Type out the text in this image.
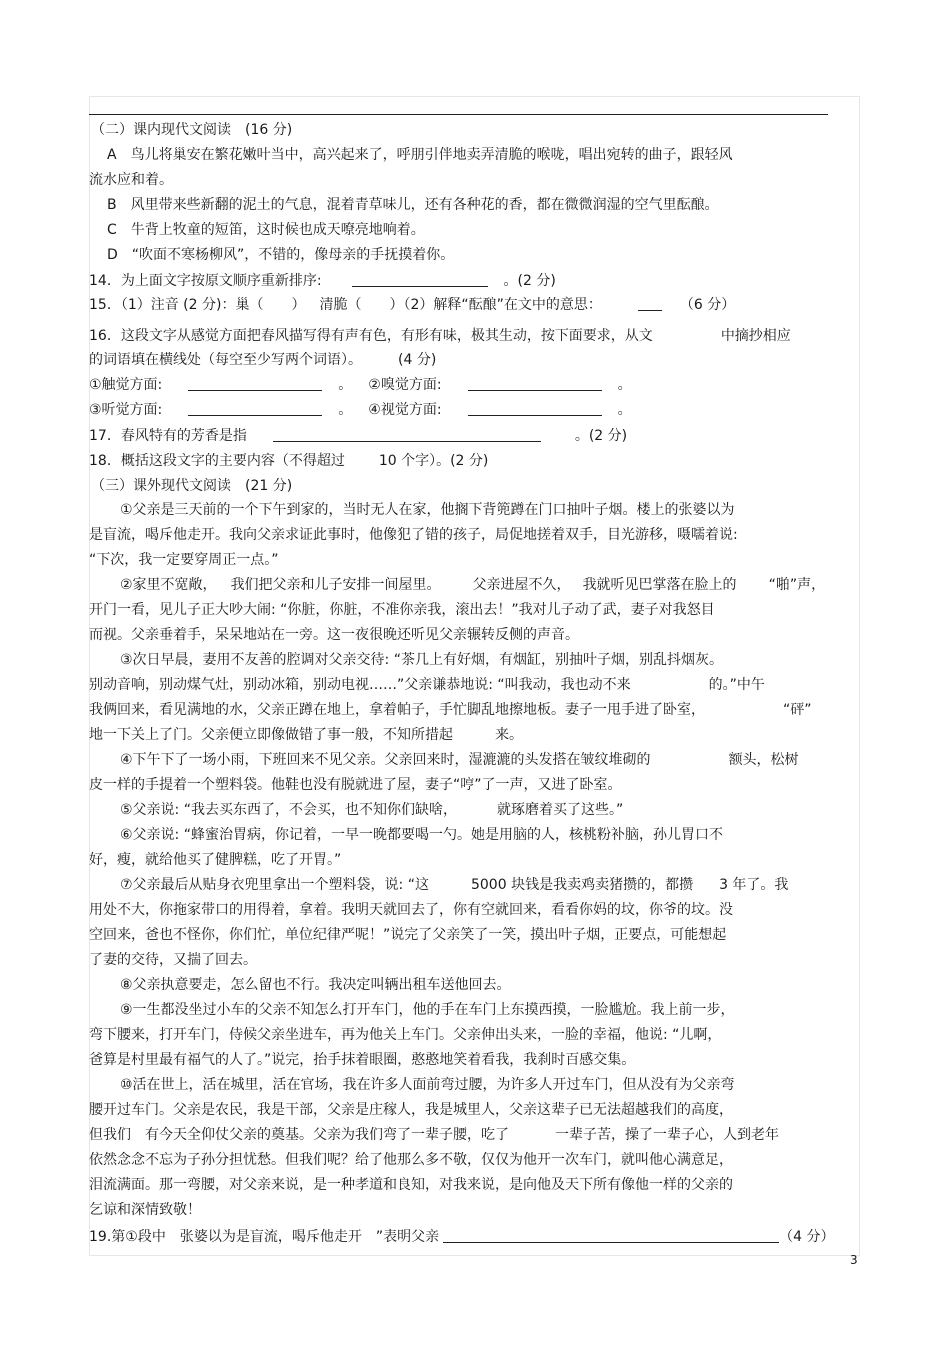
（二）课内现代文阅读　(16 分)
A　鸟儿将巢安在繁花嫩叶当中，高兴起来了，呼朋引伴地卖弄清脆的喉咙，唱出宛转的曲子，跟轻风
流水应和着。
B　风里带来些新翻的泥土的气息，混着青草味儿，还有各种花的香，都在微微润湿的空气里酝酿。
C　牛背上牧童的短笛，这时候也成天嘹亮地响着。
D　“吹面不寒杨柳风”，不错的，像母亲的手抚摸着你。
14．为上面文字按原文顺序重新排序:	。(2 分)
15．（1）注音 (2 分)：巢（　　） 清脆（　　）（2）解释“酝酿”在文中的意思：	（6 分）
16．这段文字从感觉方面把春风描写得有声有色，有形有味，极其生动，按下面要求，从文	中摘抄相应
的词语填在横线处（每空至少写两个词语）。	(4 分)
①触觉方面:	。 ②嗅觉方面:	。
③听觉方面:	。 ④视觉方面:	。
17．春风特有的芳香是指	。(2 分)
18．概括这段文字的主要内容（不得超过 10 个字）。(2 分)
（三）课外现代文阅读　(21 分)
①父亲是三天前的一个下午到家的，当时无人在家，他搁下背篼蹲在门口抽叶子烟。楼上的张婆以为
是盲流，喝斥他走开。我向父亲求证此事时，他像犯了错的孩子，局促地搓着双手，目光游移，嗫嚅着说:
“下次，我一定要穿周正一点。”
②家里不宽敞， 我们把父亲和儿子安排一间屋里。 父亲进屋不久， 我就听见巴掌落在脸上的 “啪”声，
开门一看，见儿子正大吵大闹: “你脏，你脏，不准你亲我，滚出去！”我对儿子动了武，妻子对我怒目
而视。父亲垂着手，呆呆地站在一旁。这一夜很晚还听见父亲辗转反侧的声音。
③次日早晨，妻用不友善的腔调对父亲交待: “茶几上有好烟，有烟缸，别抽叶子烟，别乱抖烟灰。
别动音响，别动煤气灶，别动冰箱，别动电视……”父亲谦恭地说: “叫我动，我也动不来	的。”中午
我俩回来，看见满地的水，父亲正蹲在地上，拿着帕子，手忙脚乱地擦地板。妻子一甩手进了卧室，	“砰”
地一下关上了门。父亲便立即像做错了事一般，不知所措起	来。
④下午下了一场小雨，下班回来不见父亲。父亲回来时，湿漉漉的头发搭在皱纹堆砌的	额头，松树
皮一样的手提着一个塑料袋。他鞋也没有脱就进了屋，妻子“哼”了一声，又进了卧室。
⑤父亲说: “我去买东西了，不会买，也不知你们缺啥，	就琢磨着买了这些。”
⑥父亲说: “蜂蜜治胃病，你记着，一早一晚都要喝一勺。她是用脑的人，核桃粉补脑，孙儿胃口不
好，瘦，就给他买了健脾糕，吃了开胃。”
⑦父亲最后从贴身衣兜里拿出一个塑料袋，说: “这	5000 块钱是我卖鸡卖猪攒的，都攒 3 年了。我
用处不大，你拖家带口的用得着，拿着。我明天就回去了，你有空就回来，看看你妈的坟，你爷的坟。没
空回来，爸也不怪你，你们忙，单位纪律严呢！”说完了父亲笑了一笑，摸出叶子烟，正要点，可能想起
了妻的交待，又揣了回去。
⑧父亲执意要走，怎么留也不行。我决定叫辆出租车送他回去。
⑨一生都没坐过小车的父亲不知怎么打开车门，他的手在车门上东摸西摸，一脸尴尬。我上前一步，
弯下腰来，打开车门，侍候父亲坐进车，再为他关上车门。父亲伸出头来，一脸的幸福，他说: “儿啊，
爸算是村里最有福气的人了。”说完，抬手抹着眼圈，憨憨地笑着看我，我刹时百感交集。
⑩活在世上，活在城里，活在官场，我在许多人面前弯过腰，为许多人开过车门，但从没有为父亲弯
腰开过车门。父亲是农民，我是干部，父亲是庄稼人，我是城里人，父亲这辈子已无法超越我们的高度，
但我们　有今天全仰仗父亲的奠基。父亲为我们弯了一辈子腰，吃了	一辈子苦，操了一辈子心，人到老年
依然念念不忘为子孙分担忧愁。但我们呢？给了他那么多不敬，仅仅为他开一次车门，就叫他心满意足，
泪流满面。那一弯腰，对父亲来说，是一种孝道和良知，对我来说，是向他及天下所有像他一样的父亲的
乞谅和深情致敬！
19.第①段中　张婆以为是盲流，喝斥他走开 ”表明父亲	（4 分）
3
